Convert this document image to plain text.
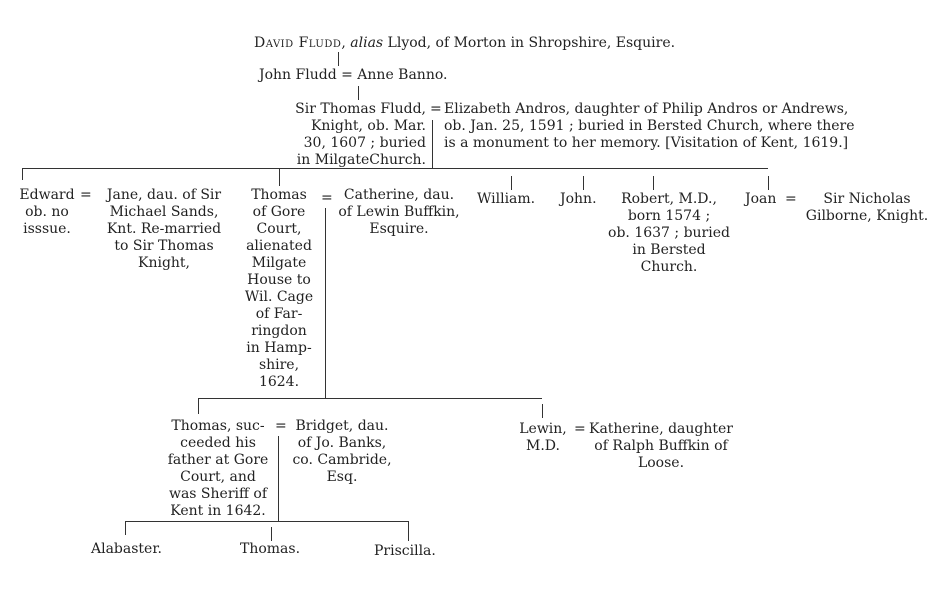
David Fludd, alias Llyod, of Morton in Shropshire, Esquire.

John Fludd = Anne Banno.

Sir Thomas Fludd,
Knight, ob. Mar.
30, 1607 ; buried
in MilgateChurch.
= Elizabeth Andros, daughter of Philip Andros or Andrews,
ob. Jan. 25, 1591 ; buried in Bersted Church, where there
is a monument to her memory. [Visitation of Kent, 1619.]
Edward
ob. no
isssue.
=	Jane, dau. of Sir
Michael Sands,
Knt. Re-married
to Sir Thomas
Knight,
Thomas
of Gore
Court,
alienated
Milgate
House to
Wil. Cage
of Far-
ringdon
in Hamp-
shire,
1624.
= Catherine, dau.
of Lewin Buffkin,
Esquire.
William. John.	Robert, M.D.,
born 1574 ;
ob. 1637 ; buried
in Bersted
Church.
Joan =	Sir Nicholas
Gilborne, Knight.
Thomas, suc-
ceeded his
father at Gore
Court, and
was Sheriff of
Kent in 1642.
= Bridget, dau.
of Jo. Banks,
co. Cambride,
Esq.
Lewin,
M.D.
= Katherine, daughter
of Ralph Buffkin of
Loose.
Alabaster.	Thomas.	Priscilla.
